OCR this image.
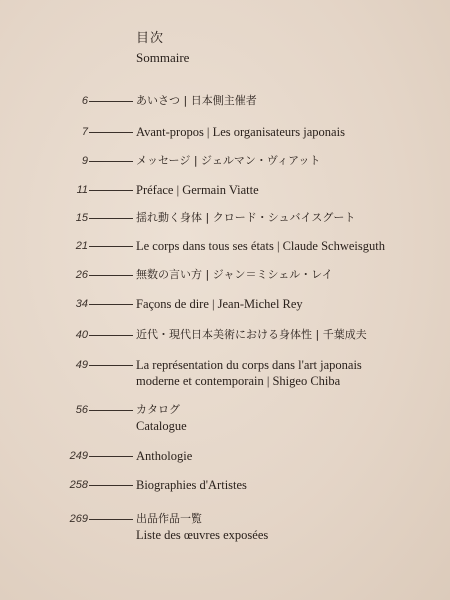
目次
Sommaire
6	あいさつ | 日本側主催者
7	Avant-propos | Les organisateurs japonais
9	メッセージ | ジェルマン・ヴィアット
11	Préface | Germain Viatte
15	揺れ動く身体 | クロード・シュバイスグート
21	Le corps dans tous ses états | Claude Schweisguth
26	無数の言い方 | ジャン＝ミシェル・レイ
34	Façons de dire | Jean-Michel Rey
40	近代・現代日本美術における身体性 | 千葉成夫
49	La représentation du corps dans l'art japonais
moderne et contemporain | Shigeo Chiba
56	カタログ
Catalogue
249	Anthologie
258	Biographies d'Artistes
269	出品作品一覧
Liste des œuvres exposées
